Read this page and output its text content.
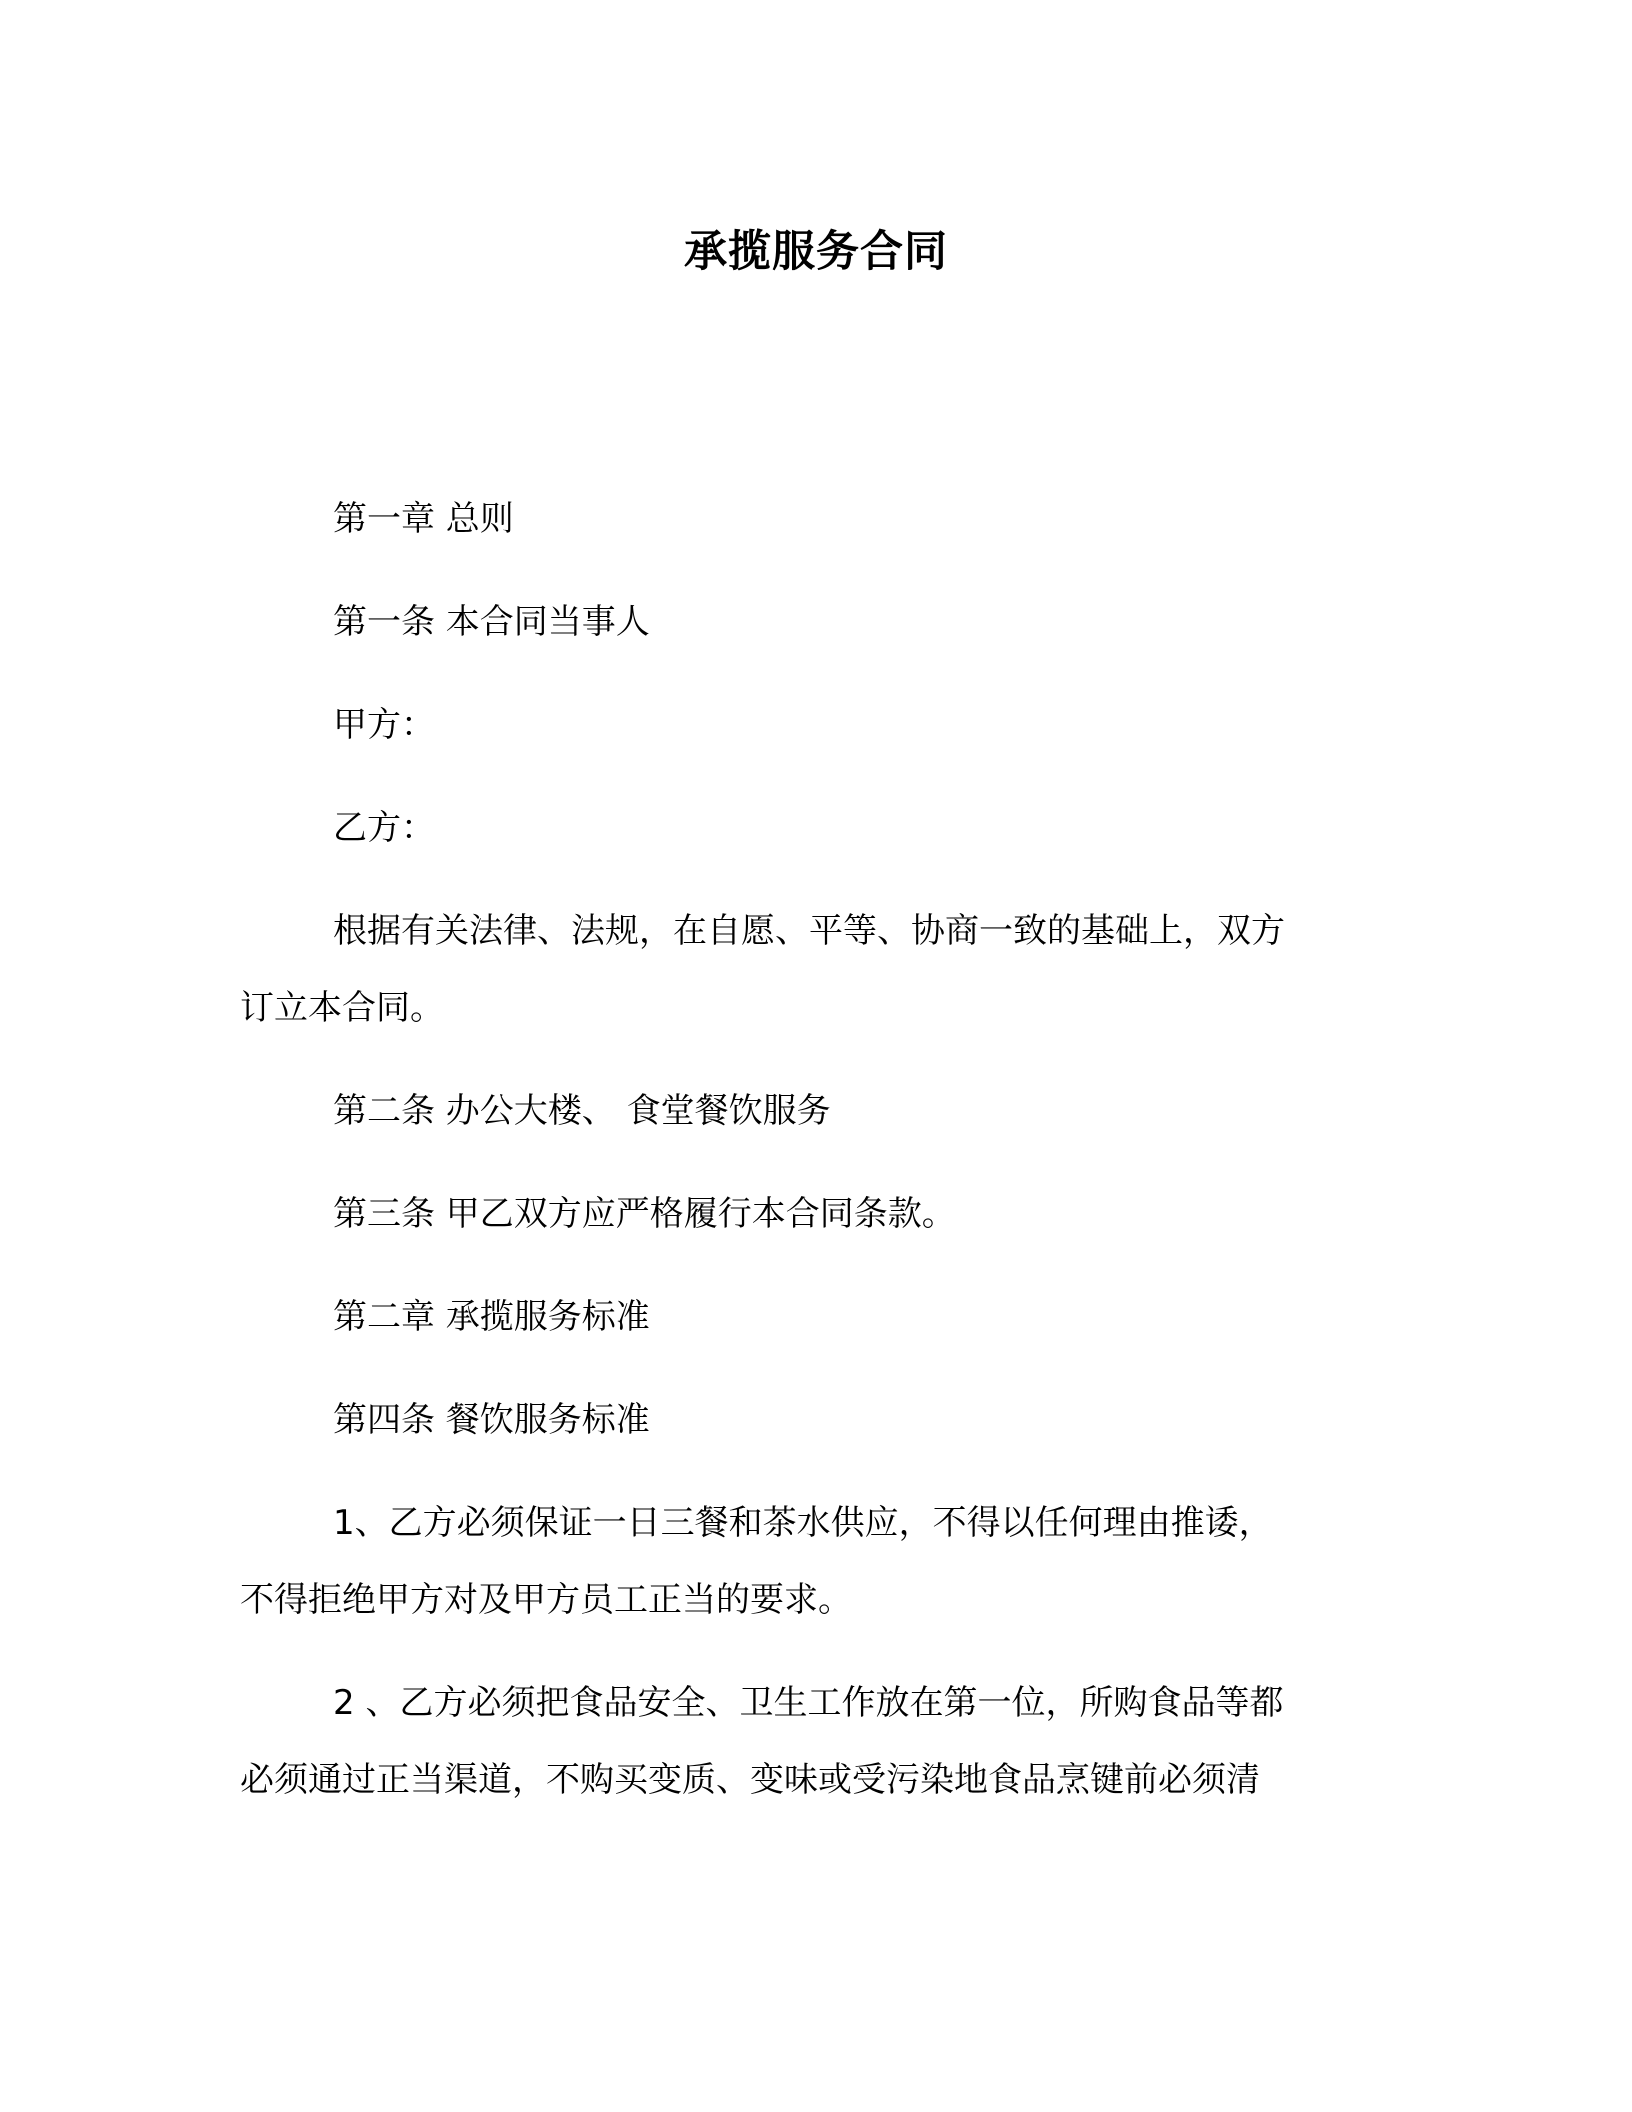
承揽服务合同
第一章 总则
第一条 本合同当事人
甲方：
乙方：
根据有关法律、法规，在自愿、平等、协商一致的基础上，双方
订立本合同。
第二条 办公大楼、 食堂餐饮服务
第三条 甲乙双方应严格履行本合同条款。
第二章 承揽服务标准
第四条 餐饮服务标准
1、乙方必须保证一日三餐和茶水供应，不得以任何理由推诿，
不得拒绝甲方对及甲方员工正当的要求。
2 、乙方必须把食品安全、卫生工作放在第一位，所购食品等都
必须通过正当渠道，不购买变质、变味或受污染地食品烹键前必须清
